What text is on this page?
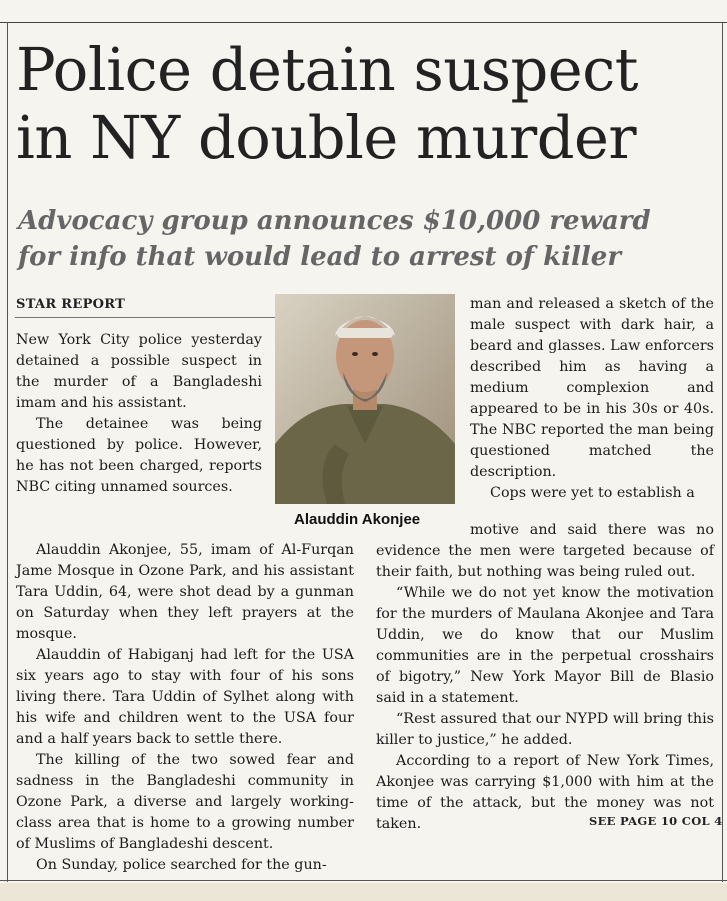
Police detain suspect
in NY double murder
Advocacy group announces $10,000 reward
for info that would lead to arrest of killer
STAR REPORT

New York City police yesterday detained a possible suspect in the murder of a Bangladeshi imam and his assistant.

The detainee was being questioned by police. However, he has not been charged, reports NBC citing unnamed sources.

Alauddin Akonjee

Alauddin Akonjee, 55, imam of Al-Furqan Jame Mosque in Ozone Park, and his assistant Tara Uddin, 64, were shot dead by a gunman on Saturday when they left prayers at the mosque.

Alauddin of Habiganj had left for the USA six years ago to stay with four of his sons living there. Tara Uddin of Sylhet along with his wife and children went to the USA four and a half years back to settle there.

The killing of the two sowed fear and sadness in the Bangladeshi community in Ozone Park, a diverse and largely working-class area that is home to a growing number of Muslims of Bangladeshi descent.

On Sunday, police searched for the gun-

man and released a sketch of the male suspect with dark hair, a beard and glasses. Law enforcers described him as having a medium complexion and appeared to be in his 30s or 40s. The NBC reported the man being questioned matched the description.

Cops were yet to establish a

motive and said there was no evidence the men were targeted because of their faith, but nothing was being ruled out.

“While we do not yet know the motivation for the murders of Maulana Akonjee and Tara Uddin, we do know that our Muslim communities are in the perpetual crosshairs of bigotry,” New York Mayor Bill de Blasio said in a statement.

“Rest assured that our NYPD will bring this killer to justice,” he added.

According to a report of New York Times, Akonjee was carrying $1,000 with him at the time of the attack, but the money was not taken.	SEE PAGE 10 COL 4
